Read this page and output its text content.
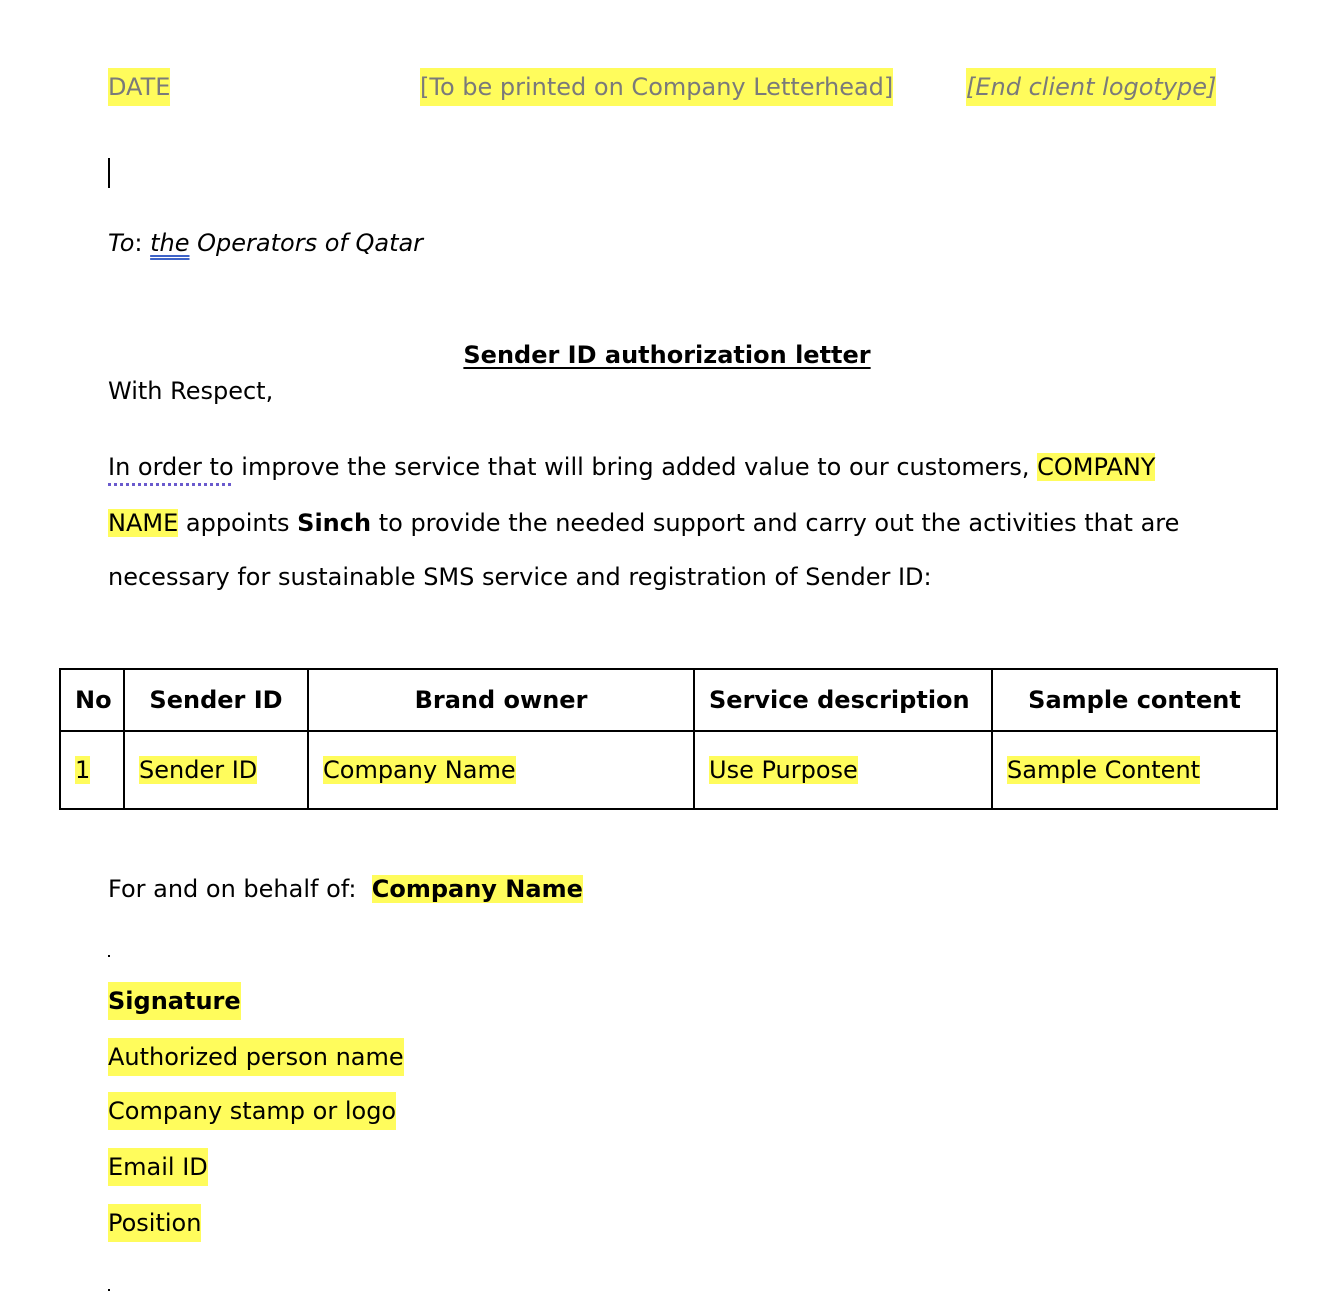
DATE	[To be printed on Company Letterhead]	[End client logotype]
To: the Operators of Qatar
Sender ID authorization letter
With Respect,
In order to improve the service that will bring added value to our customers, COMPANY
NAME appoints Sinch to provide the needed support and carry out the activities that are
necessary for sustainable SMS service and registration of Sender ID:
No	Sender ID	Brand owner	Service description	Sample content
1	Sender ID	Company Name	Use Purpose	Sample Content
For and on behalf of: Company Name
Signature
Authorized person name
Company stamp or logo
Email ID
Position
